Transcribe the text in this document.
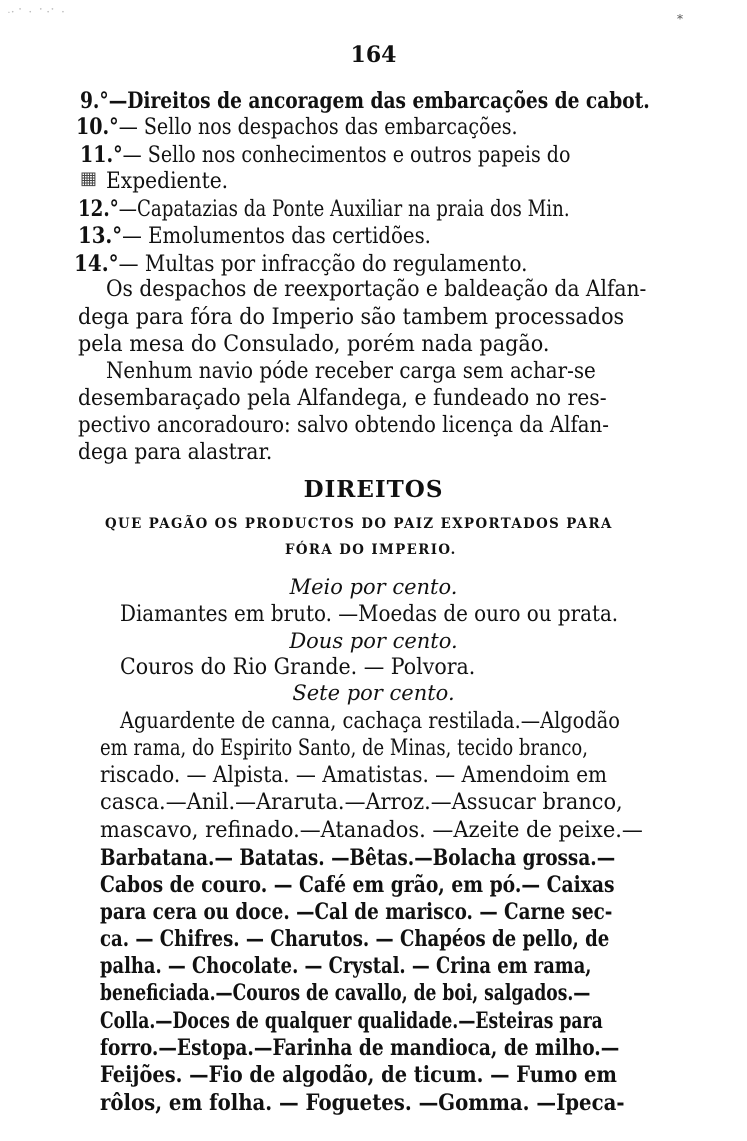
⠀·⠂⠁⠐ ⠈⠐⠁ ⠂	*
164
9.°—Direitos de ancoragem das embarcações de cabot.
10.°— Sello nos despachos das embarcações.
11.°— Sello nos conhecimentos e outros papeis do
▦ Expediente.
12.°—Capatazias da Ponte Auxiliar na praia dos Min.
13.°— Emolumentos das certidões.
14.°— Multas por infracção do regulamento.
Os despachos de reexportação e baldeação da Alfan-
dega para fóra do Imperio são tambem processados
pela mesa do Consulado, porém nada pagão.
Nenhum navio póde receber carga sem achar-se
desembaraçado pela Alfandega, e fundeado no res-
pectivo ancoradouro: salvo obtendo licença da Alfan-
dega para alastrar.
DIREITOS
QUE PAGÃO OS PRODUCTOS DO PAIZ EXPORTADOS PARA
FÓRA DO IMPERIO.
Meio por cento.
Diamantes em bruto. —Moedas de ouro ou prata.
Dous por cento.
Couros do Rio Grande. — Polvora.
Sete por cento.
Aguardente de canna, cachaça restilada.—Algodão
em rama, do Espirito Santo, de Minas, tecido branco,
riscado. — Alpista. — Amatistas. — Amendoim em
casca.—Anil.—Araruta.—Arroz.—Assucar branco,
mascavo, refinado.—Atanados. —Azeite de peixe.—
Barbatana.— Batatas. —Bêtas.—Bolacha grossa.—
Cabos de couro. — Café em grão, em pó.— Caixas
para cera ou doce. —Cal de marisco. — Carne sec-
ca. — Chifres. — Charutos. — Chapéos de pello, de
palha. — Chocolate. — Crystal. — Crina em rama,
beneficiada.—Couros de cavallo, de boi, salgados.—
Colla.—Doces de qualquer qualidade.—Esteiras para
forro.—Estopa.—Farinha de mandioca, de milho.—
Feijões. —Fio de algodão, de ticum. — Fumo em
rôlos, em folha. — Foguetes. —Gomma. —Ipeca-
